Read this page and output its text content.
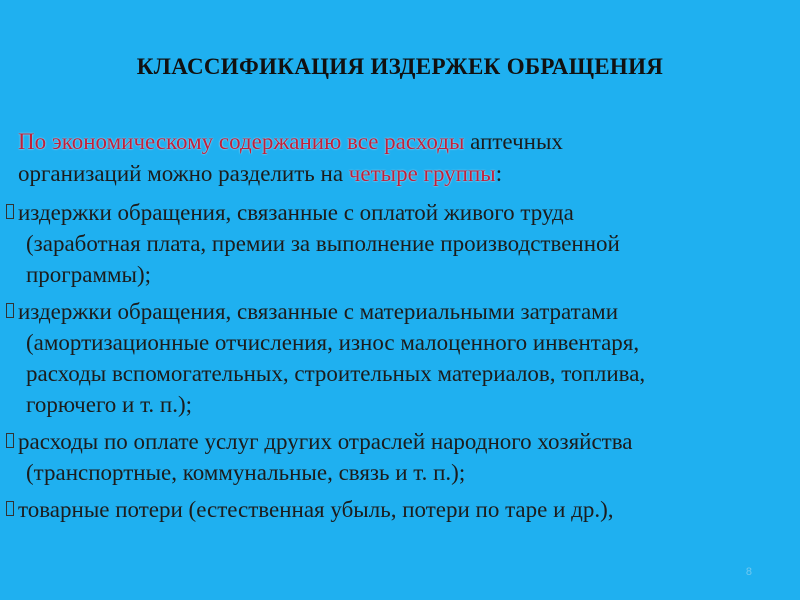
КЛАССИФИКАЦИЯ ИЗДЕРЖЕК ОБРАЩЕНИЯ
По экономическому содержанию все расходы аптечных
организаций можно разделить на четыре группы:
издержки обращения, связанные с оплатой живого труда
(заработная плата, премии за выполнение производственной
программы);
издержки обращения, связанные с материальными затратами
(амортизационные отчисления, износ малоценного инвентаря,
расходы вспомогательных, строительных материалов, топлива,
горючего и т. п.);
расходы по оплате услуг других отраслей народного хозяйства
(транспортные, коммунальные, связь и т. п.);
товарные потери (естественная убыль, потери по таре и др.),
8
